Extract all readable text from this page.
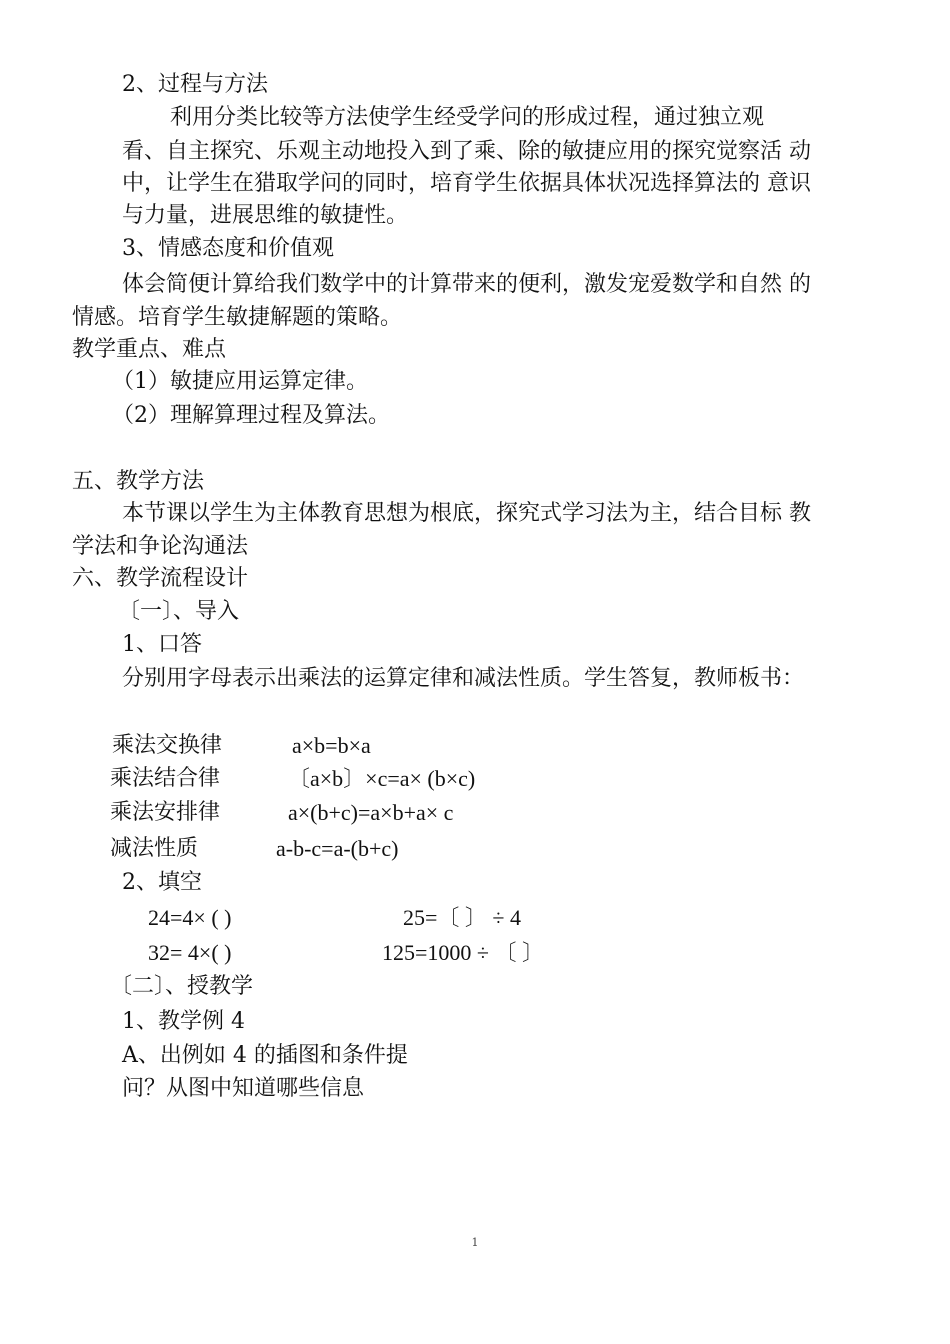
2、过程与方法
利用分类比较等方法使学生经受学问的形成过程，通过独立观
看、自主探究、乐观主动地投入到了乘、除的敏捷应用的探究觉察活 动
中，让学生在猎取学问的同时，培育学生依据具体状况选择算法的 意识
与力量，进展思维的敏捷性。
3、情感态度和价值观
体会简便计算给我们数学中的计算带来的便利，激发宠爱数学和自然 的
情感。培育学生敏捷解题的策略。
教学重点、难点
（1）敏捷应用运算定律。
（2）理解算理过程及算法。
五、教学方法
本节课以学生为主体教育思想为根底，探究式学习法为主，结合目标 教
学法和争论沟通法
六、教学流程设计
〔一〕、导入
1、口答
分别用字母表示出乘法的运算定律和减法性质。学生答复，教师板书：
乘法交换律	a×b=b×a
乘法结合律	〔a×b〕×c=a× (b×c)
乘法安排律	a×(b+c)=a×b+a× c
减法性质	a-b-c=a-(b+c)
2、填空
24=4× ( )	25=〔 〕 ÷ 4
32= 4×( )	125=1000 ÷ 〔 〕
〔二〕、授教学
1、教学例 4
A、出例如 4 的插图和条件提
问？从图中知道哪些信息
1
